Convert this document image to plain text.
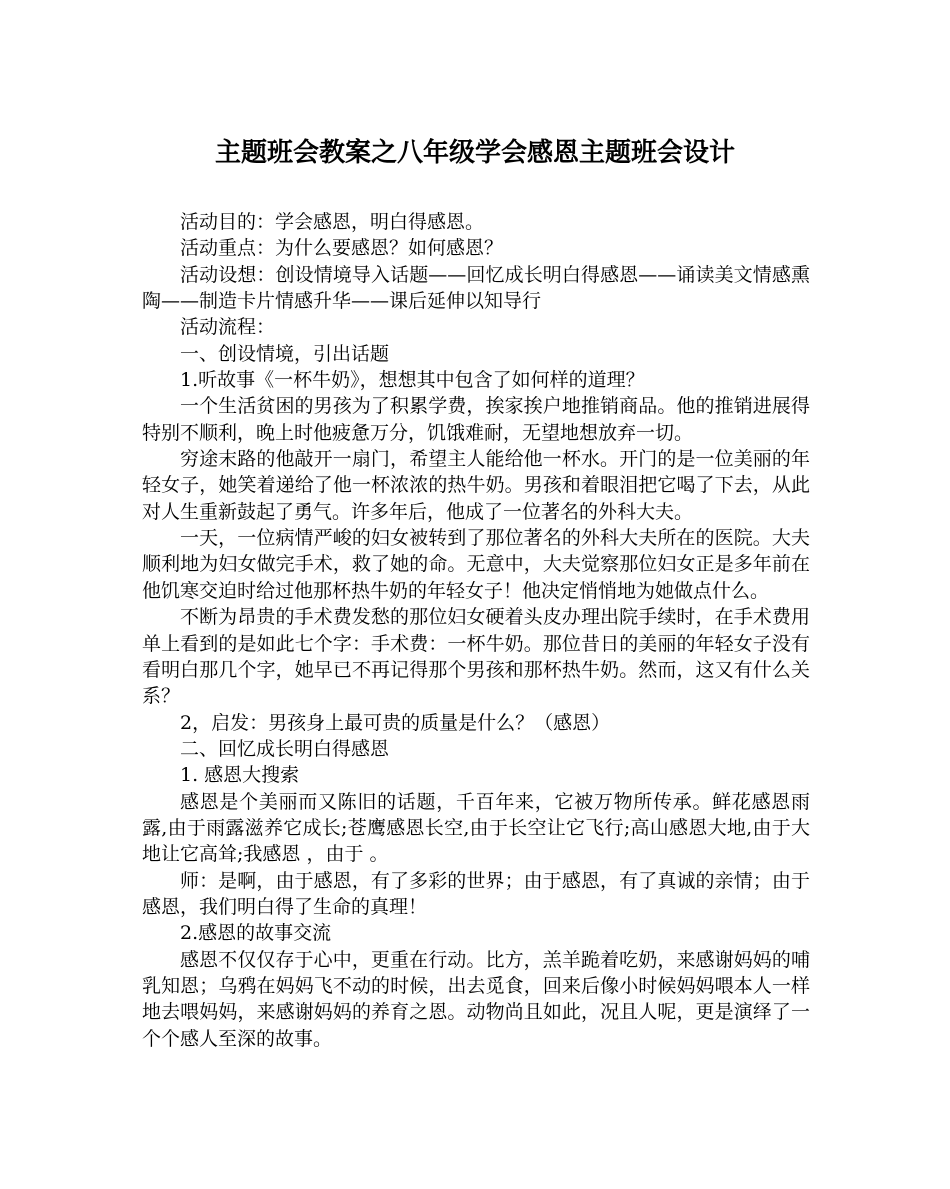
主题班会教案之八年级学会感恩主题班会设计

活动目的：学会感恩，明白得感恩。

活动重点：为什么要感恩？如何感恩？

活动设想：创设情境导入话题——回忆成长明白得感恩——诵读美文情感熏陶——制造卡片情感升华——课后延伸以知导行

活动流程：

一、创设情境，引出话题

1.听故事《一杯牛奶》，想想其中包含了如何样的道理？

一个生活贫困的男孩为了积累学费，挨家挨户地推销商品。他的推销进展得特别不顺利，晚上时他疲惫万分，饥饿难耐，无望地想放弃一切。

穷途末路的他敲开一扇门，希望主人能给他一杯水。开门的是一位美丽的年轻女子，她笑着递给了他一杯浓浓的热牛奶。男孩和着眼泪把它喝了下去，从此对人生重新鼓起了勇气。许多年后，他成了一位著名的外科大夫。

一天，一位病情严峻的妇女被转到了那位著名的外科大夫所在的医院。大夫顺利地为妇女做完手术，救了她的命。无意中，大夫觉察那位妇女正是多年前在他饥寒交迫时给过他那杯热牛奶的年轻女子！他决定悄悄地为她做点什么。

不断为昂贵的手术费发愁的那位妇女硬着头皮办理出院手续时，在手术费用单上看到的是如此七个字：手术费：一杯牛奶。那位昔日的美丽的年轻女子没有看明白那几个字，她早已不再记得那个男孩和那杯热牛奶。然而，这又有什么关系？

2，启发：男孩身上最可贵的质量是什么？（感恩）

二、回忆成长明白得感恩

1. 感恩大搜索

感恩是个美丽而又陈旧的话题，千百年来，它被万物所传承。鲜花感恩雨露,由于雨露滋养它成长;苍鹰感恩长空,由于长空让它飞行;高山感恩大地,由于大地让它高耸;我感恩 ，由于 。

师：是啊，由于感恩，有了多彩的世界；由于感恩，有了真诚的亲情；由于感恩，我们明白得了生命的真理！

2.感恩的故事交流

感恩不仅仅存于心中，更重在行动。比方，羔羊跪着吃奶，来感谢妈妈的哺乳知恩；乌鸦在妈妈飞不动的时候，出去觅食，回来后像小时候妈妈喂本人一样地去喂妈妈，来感谢妈妈的养育之恩。动物尚且如此，况且人呢，更是演绎了一个个感人至深的故事。
